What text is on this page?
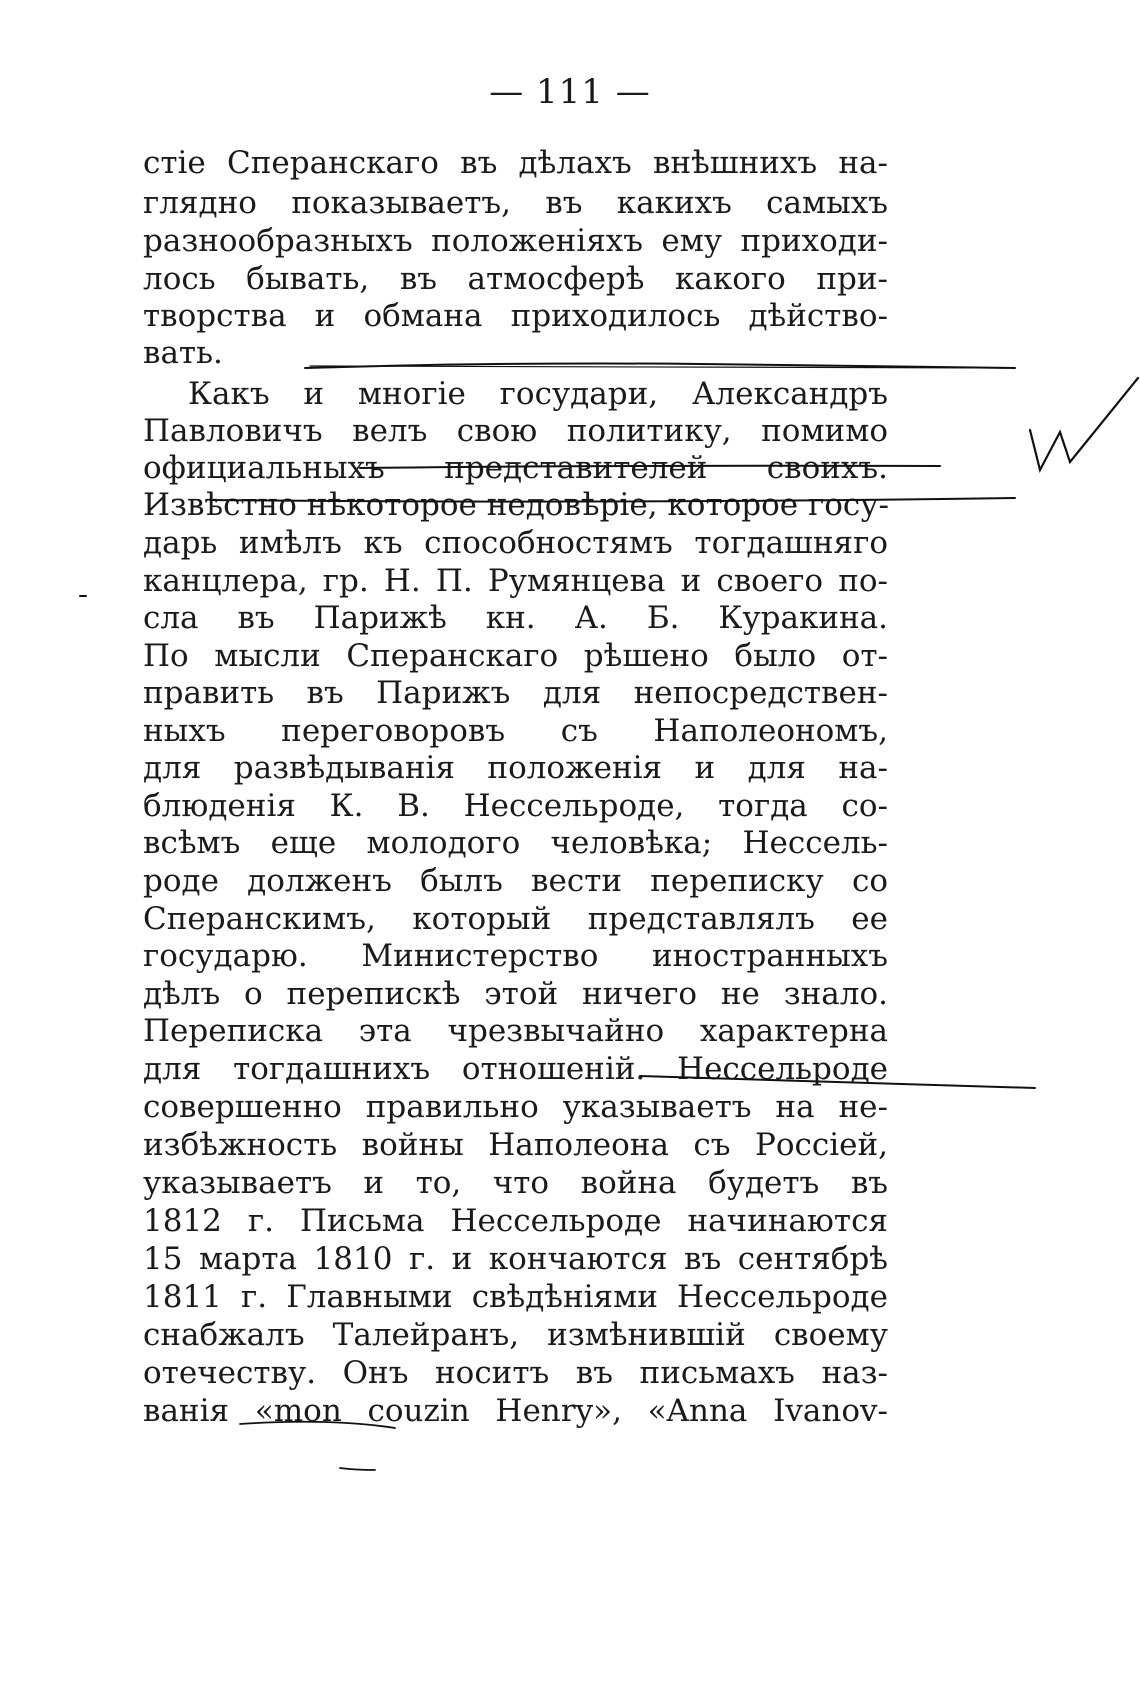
— 111 —
стіе Сперанскаго въ дѣлахъ внѣшнихъ на-
глядно показываетъ, въ какихъ самыхъ
разнообразныхъ положеніяхъ ему приходи-
лось бывать, въ атмосферѣ какого при-
творства и обмана приходилось дѣйство-
вать.
Какъ и многіе государи, Александръ
Павловичъ велъ свою политику, помимо
официальныхъ представителей своихъ.
Извѣстно нѣкоторое недовѣріе, которое госу-
дарь имѣлъ къ способностямъ тогдашняго
канцлера, гр. Н. П. Румянцева и своего по-
сла въ Парижѣ кн. А. Б. Куракина.
По мысли Сперанскаго рѣшено было от-
править въ Парижъ для непосредствен-
ныхъ переговоровъ съ Наполеономъ,
для развѣдыванія положенія и для на-
блюденія К. В. Нессельроде, тогда со-
всѣмъ еще молодого человѣка; Нессель-
роде долженъ былъ вести переписку со
Сперанскимъ, который представлялъ ее
государю. Министерство иностранныхъ
дѣлъ о перепискѣ этой ничего не знало.
Переписка эта чрезвычайно характерна
для тогдашнихъ отношеній. Нессельроде
совершенно правильно указываетъ на не-
избѣжность войны Наполеона съ Россіей,
указываетъ и то, что война будетъ въ
1812 г. Письма Нессельроде начинаются
15 марта 1810 г. и кончаются въ сентябрѣ
1811 г. Главными свѣдѣніями Нессельроде
снабжалъ Талейранъ, измѣнившій своему
отечеству. Онъ носитъ въ письмахъ наз-
ванія «mon couzin Henry», «Anna Ivanov-
